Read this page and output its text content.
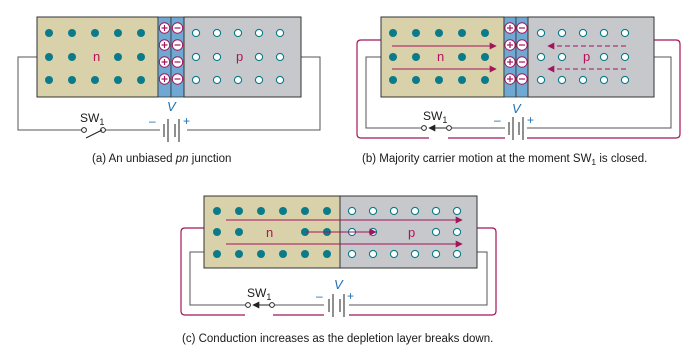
n	p
$SW_1$
V
– +
(a) An unbiased pn junction
n	p
$SW_1$
V
– +
(b) Majority carrier motion at the moment $SW_1$ is closed.
n	p
$SW_1$
V
– +
(c) Conduction increases as the depletion layer breaks down.
